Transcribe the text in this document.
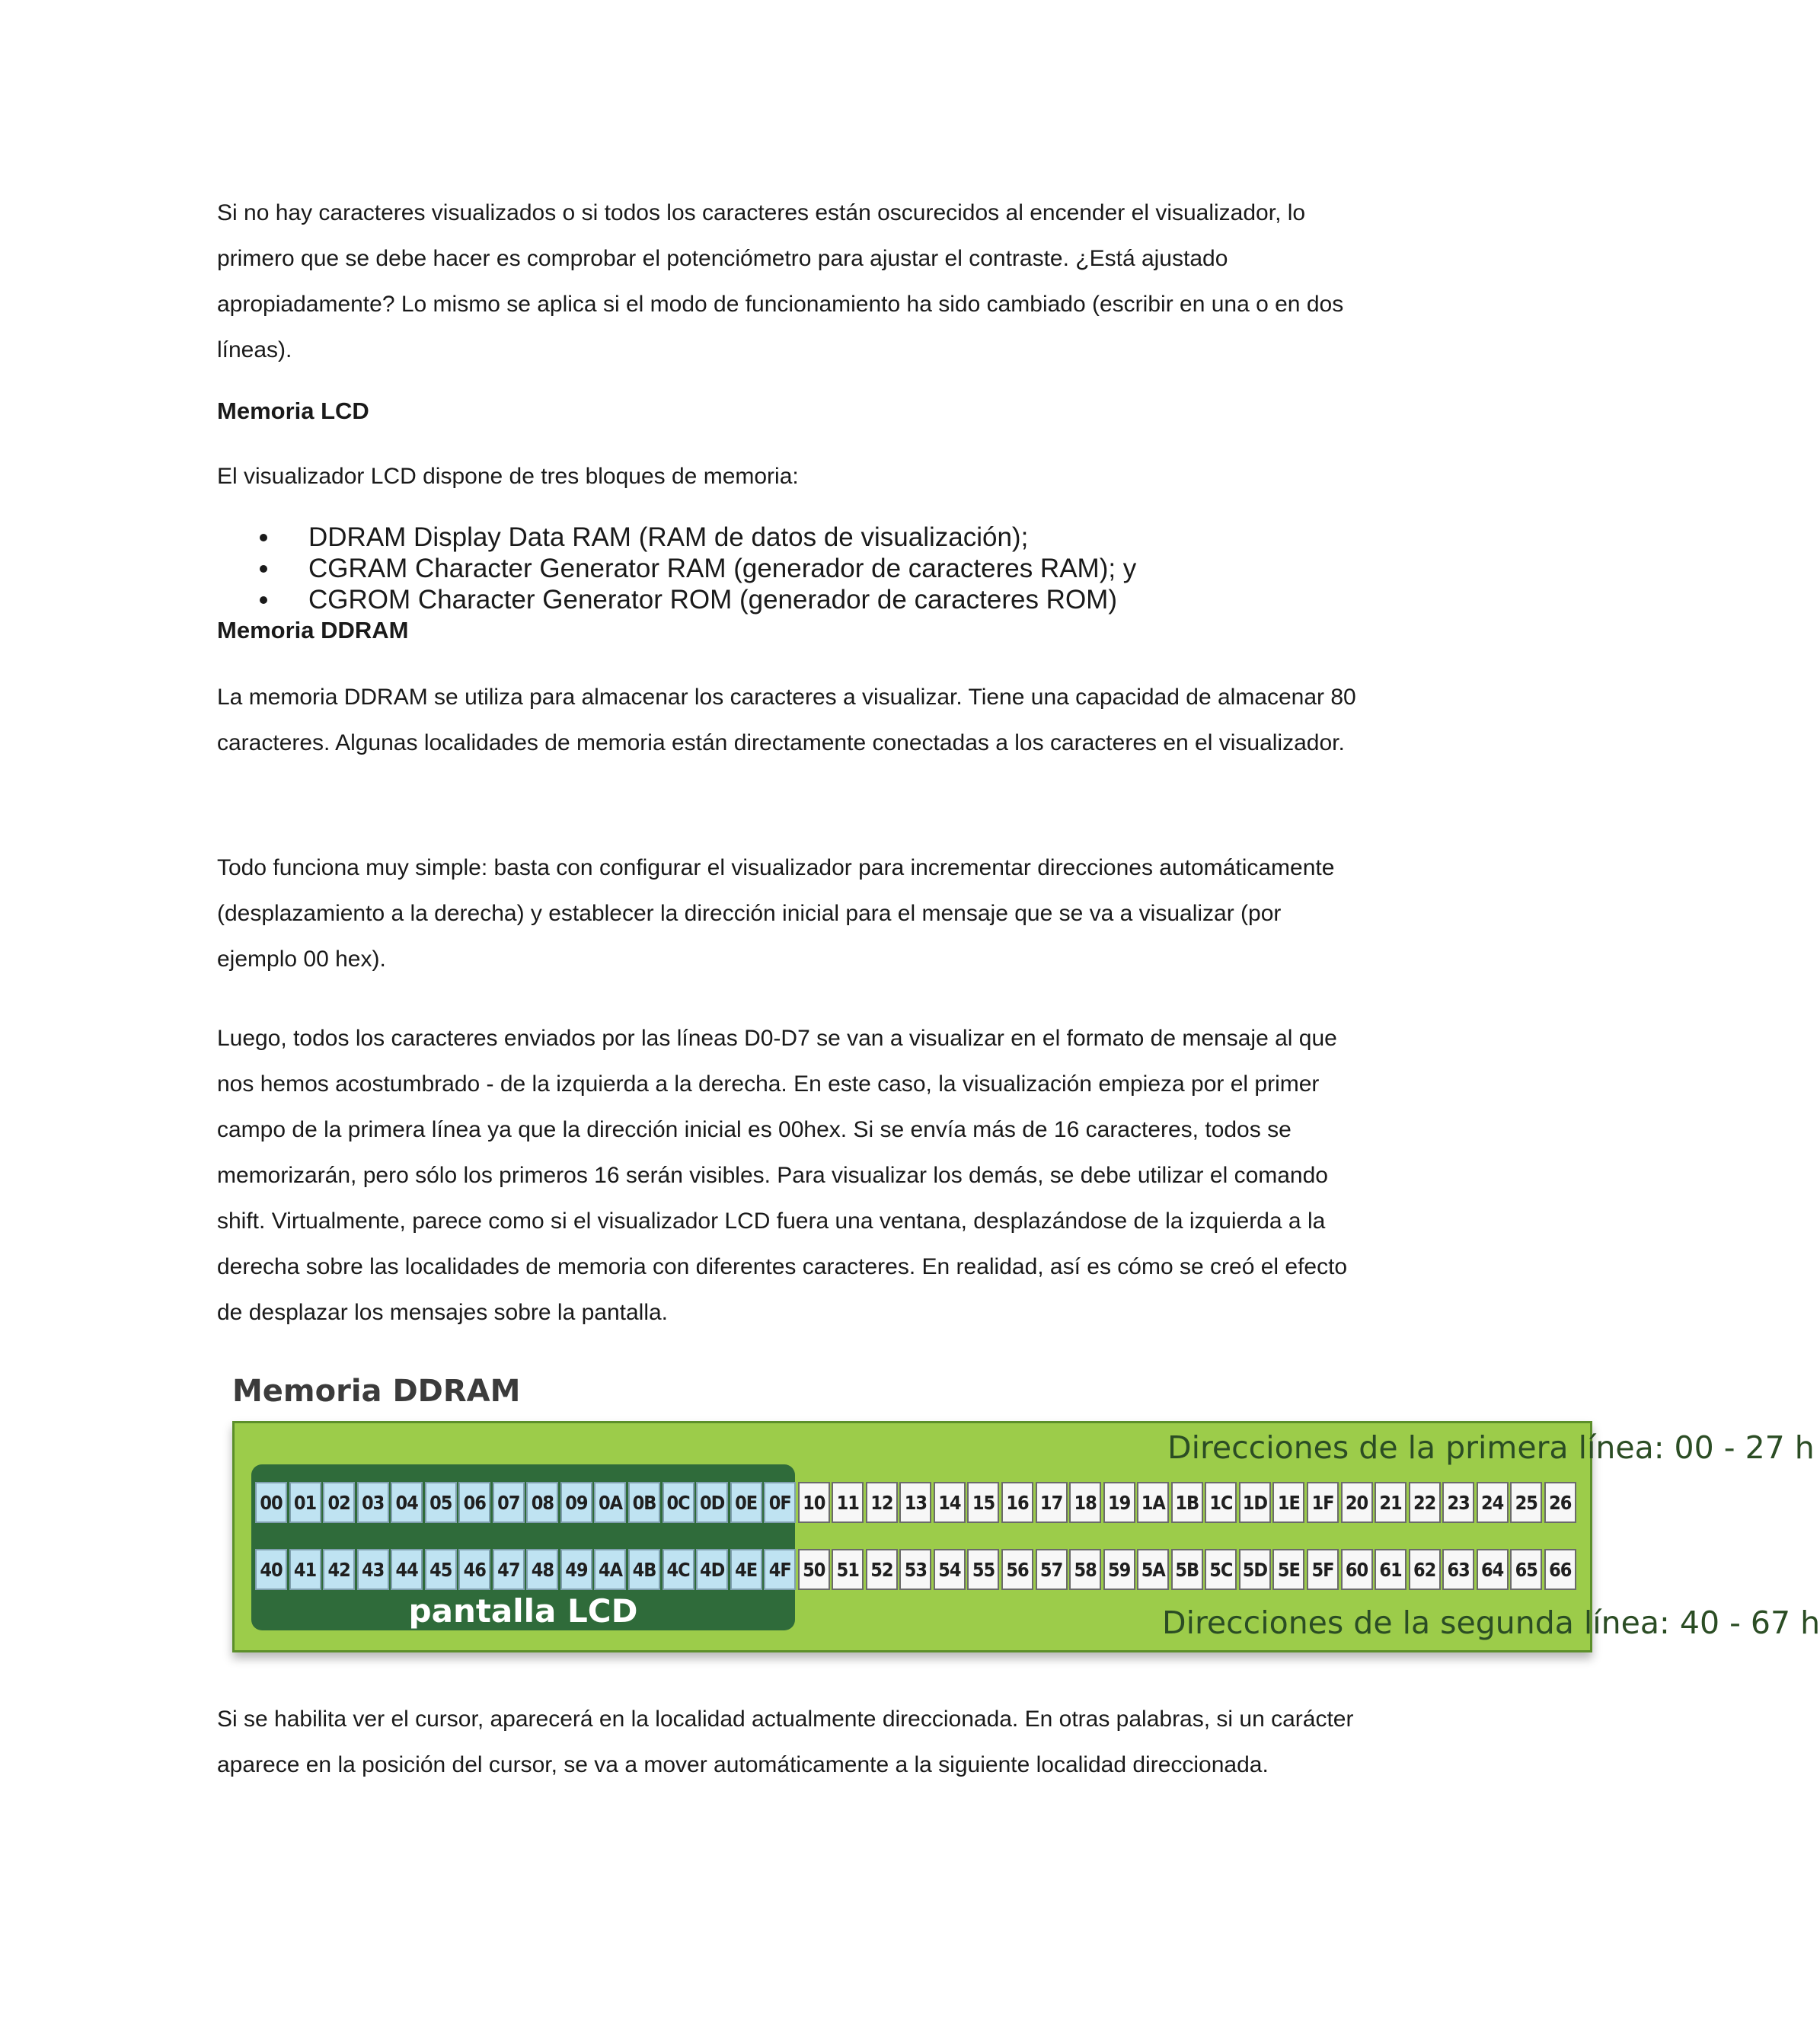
Si no hay caracteres visualizados o si todos los caracteres están oscurecidos al encender el visualizador, lo primero que se debe hacer es comprobar el potenciómetro para ajustar el contraste. ¿Está ajustado apropiadamente? Lo mismo se aplica si el modo de funcionamiento ha sido cambiado (escribir en una o en dos líneas).

Memoria LCD

El visualizador LCD dispone de tres bloques de memoria:

DDRAM Display Data RAM (RAM de datos de visualización);
CGRAM Character Generator RAM (generador de caracteres RAM); y
CGROM Character Generator ROM (generador de caracteres ROM)
Memoria DDRAM

La memoria DDRAM se utiliza para almacenar los caracteres a visualizar. Tiene una capacidad de almacenar 80 caracteres. Algunas localidades de memoria están directamente conectadas a los caracteres en el visualizador.

Todo funciona muy simple: basta con configurar el visualizador para incrementar direcciones automáticamente (desplazamiento a la derecha) y establecer la dirección inicial para el mensaje que se va a visualizar (por ejemplo 00 hex).

Luego, todos los caracteres enviados por las líneas D0-D7 se van a visualizar en el formato de mensaje al que nos hemos acostumbrado - de la izquierda a la derecha. En este caso, la visualización empieza por el primer campo de la primera línea ya que la dirección inicial es 00hex. Si se envía más de 16 caracteres, todos se memorizarán, pero sólo los primeros 16 serán visibles. Para visualizar los demás, se debe utilizar el comando shift. Virtualmente, parece como si el visualizador LCD fuera una ventana, desplazándose de la izquierda a la derecha sobre las localidades de memoria con diferentes caracteres. En realidad, así es cómo se creó el efecto de desplazar los mensajes sobre la pantalla.

Memoria DDRAM
Direcciones de la primera línea: 00 - 27 h
pantalla LCD
00 01 02 03 04 05 06 07 08 09 0A 0B 0C 0D 0E 0F 10 11 12 13 14 15 16 17 18 19 1A 1B 1C 1D 1E 1F 20 21 22 23 24 25 26
40 41 42 43 44 45 46 47 48 49 4A 4B 4C 4D 4E 4F 50 51 52 53 54 55 56 57 58 59 5A 5B 5C 5D 5E 5F 60 61 62 63 64 65 66
Direcciones de la segunda línea: 40 - 67 h

Si se habilita ver el cursor, aparecerá en la localidad actualmente direccionada. En otras palabras, si un carácter aparece en la posición del cursor, se va a mover automáticamente a la siguiente localidad direccionada.
